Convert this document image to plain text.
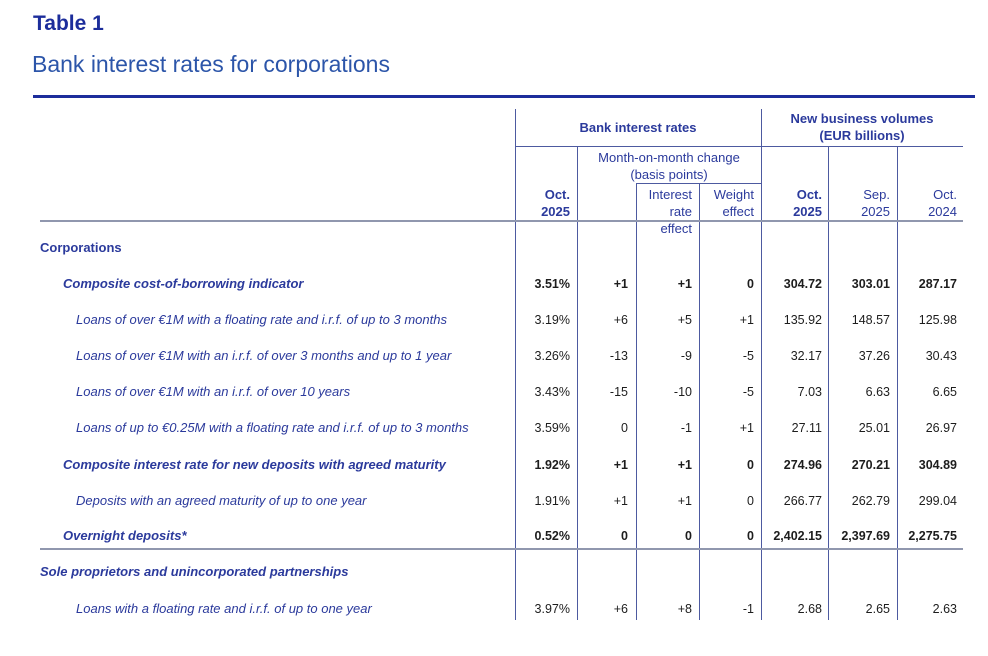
Table 1
Bank interest rates for corporations
Bank interest rates
New business volumes
(EUR billions)
Month-on-month change
(basis points)
Oct.
2025
Interest
rate effect
Weight
effect
Oct.
2025
Sep.
2025
Oct.
2024
Corporations
Composite cost-of-borrowing indicator	3.51%	+1	+1	0	304.72	303.01	287.17
Loans of over €1M with a floating rate and i.r.f. of up to 3 months	3.19%	+6	+5	+1	135.92	148.57	125.98
Loans of over €1M with an i.r.f. of over 3 months and up to 1 year	3.26%	-13	-9	-5	32.17	37.26	30.43
Loans of over €1M with an i.r.f. of over 10 years	3.43%	-15	-10	-5	7.03	6.63	6.65
Loans of up to €0.25M with a floating rate and i.r.f. of up to 3 months	3.59%	0	-1	+1	27.11	25.01	26.97
Composite interest rate for new deposits with agreed maturity	1.92%	+1	+1	0	274.96	270.21	304.89
Deposits with an agreed maturity of up to one year	1.91%	+1	+1	0	266.77	262.79	299.04
Overnight deposits*	0.52%	0	0	0	2,402.15	2,397.69	2,275.75
Sole proprietors and unincorporated partnerships
Loans with a floating rate and i.r.f. of up to one year	3.97%	+6	+8	-1	2.68	2.65	2.63
